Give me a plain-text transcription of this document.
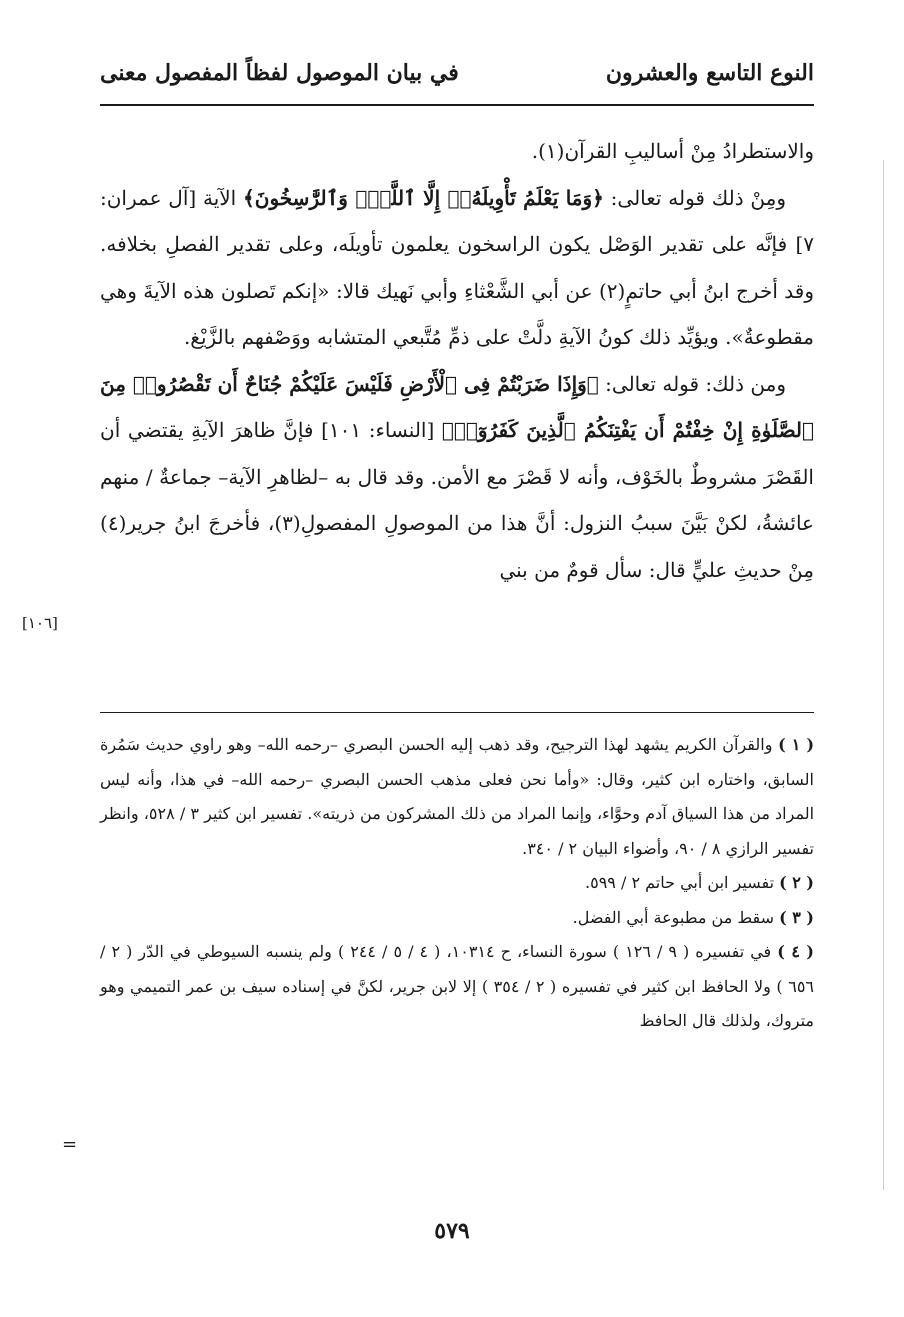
النوع التاسع والعشرون
في بيان الموصول لفظاً المفصول معنى

والاستطرادُ مِنْ أساليبِ القرآن(١).

ومِنْ ذلك قوله تعالى: ﴿وَمَا يَعْلَمُ تَأْوِيلَهُۥٓ إِلَّا ٱللَّهُۗ وَٱلرَّٰسِخُونَ﴾ الآية [آل عمران: ٧] فإنَّه على تقدير الوَصْل يكون الراسخون يعلمون تأويلَه، وعلى تقدير الفصلِ بخلافه. وقد أخرج ابنُ أبي حاتمٍ(٢) عن أبي الشَّعْثاءِ وأبي نَهيك قالا: «إنكم تَصلون هذه الآيةَ وهي مقطوعةٌ». ويؤيِّد ذلك كونُ الآيةِ دلَّتْ على ذمِّ مُتَّبعي المتشابه ووَصْفهم بالزَّيْغ.

ومن ذلك: قوله تعالى: ﴿وَإِذَا ضَرَبْتُمْ فِى ٱلْأَرْضِ فَلَيْسَ عَلَيْكُمْ جُنَاحٌ أَن تَقْصُرُوا۟ مِنَ ٱلصَّلَوٰةِ إِنْ خِفْتُمْ أَن يَفْتِنَكُمُ ٱلَّذِينَ كَفَرُوٓا۟﴾ [النساء: ١٠١] فإنَّ ظاهرَ الآيةِ يقتضي أن القَصْرَ مشروطٌ بالخَوْف، وأنه لا قَصْرَ مع الأمن. وقد قال به –لظاهرِ الآية– جماعةٌ / منهم عائشةُ، لكنْ بَيَّنَ سببُ النزول: أنَّ هذا من الموصولِ المفصولِ(٣)، فأخرجَ ابنُ جرير(٤) مِنْ حديثِ عليٍّ قال: سأل قومٌ من بني

[١٠٦]

( ١ ) والقرآن الكريم يشهد لهذا الترجيح، وقد ذهب إليه الحسن البصري –رحمه الله– وهو راوي حديث سَمُرة السابق، واختاره ابن كثير، وقال: «وأما نحن فعلى مذهب الحسن البصري –رحمه الله– في هذا، وأنه ليس المراد من هذا السياق آدم وحوَّاء، وإنما المراد من ذلك المشركون من ذريته». تفسير ابن كثير ٣ / ٥٢٨، وانظر تفسير الرازي ٨ / ٩٠، وأضواء البيان ٢ / ٣٤٠.

( ٢ ) تفسير ابن أبي حاتم ٢ / ٥٩٩.

( ٣ ) سقط من مطبوعة أبي الفضل.

( ٤ ) في تفسيره ( ٩ / ١٢٦ ) سورة النساء، ح ١٠٣١٤، ( ٤ / ٥ / ٢٤٤ ) ولم ينسبه السيوطي في الدّر ( ٢ / ٦٥٦ ) ولا الحافظ ابن كثير في تفسيره ( ٢ / ٣٥٤ ) إلا لابن جرير، لكنَّ في إسناده سيف بن عمر التميمي وهو متروك، ولذلك قال الحافظ

=
٥٧٩
